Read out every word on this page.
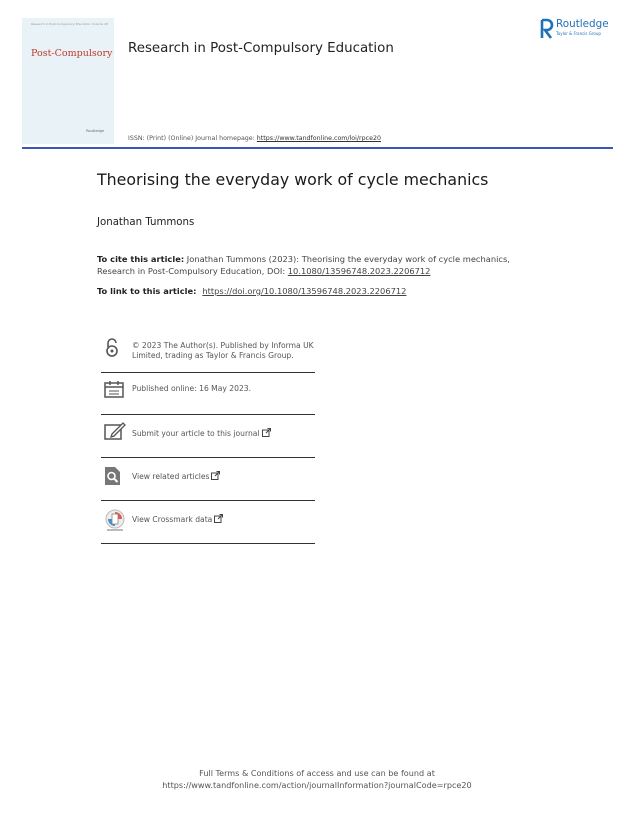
Research in Post-Compulsory Education Volume 28
Post-Compulsory
Routledge
Research in Post-Compulsory Education
ISSN: (Print) (Online) Journal homepage: https://www.tandfonline.com/loi/rpce20
Routledge
Taylor & Francis Group
Theorising the everyday work of cycle mechanics
Jonathan Tummons
To cite this article: Jonathan Tummons (2023): Theorising the everyday work of cycle mechanics, Research in Post-Compulsory Education, DOI: 10.1080/13596748.2023.2206712
To link to this article: https://doi.org/10.1080/13596748.2023.2206712
© 2023 The Author(s). Published by Informa UK Limited, trading as Taylor & Francis Group.
Published online: 16 May 2023.
Submit your article to this journal
View related articles
View Crossmark data
Full Terms & Conditions of access and use can be found at
https://www.tandfonline.com/action/journalInformation?journalCode=rpce20
